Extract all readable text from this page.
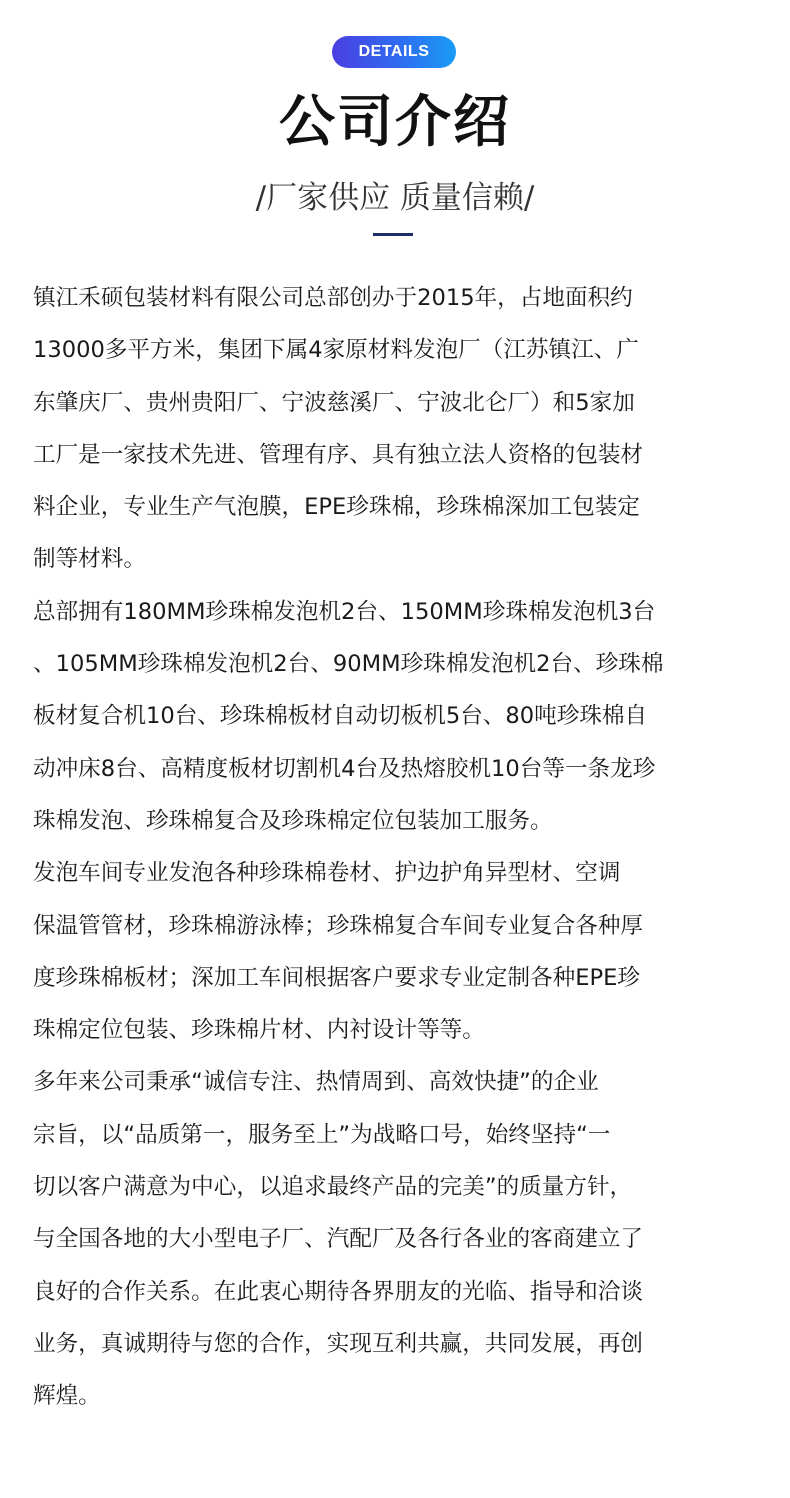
DETAILS
公司介绍
/厂家供应 质量信赖/
镇江禾硕包装材料有限公司总部创办于2015年，占地面积约
13000多平方米，集团下属4家原材料发泡厂（江苏镇江、广
东肇庆厂、贵州贵阳厂、宁波慈溪厂、宁波北仑厂）和5家加
工厂是一家技术先进、管理有序、具有独立法人资格的包装材
料企业，专业生产气泡膜，EPE珍珠棉，珍珠棉深加工包装定
制等材料。
总部拥有180MM珍珠棉发泡机2台、150MM珍珠棉发泡机3台
、105MM珍珠棉发泡机2台、90MM珍珠棉发泡机2台、珍珠棉
板材复合机10台、珍珠棉板材自动切板机5台、80吨珍珠棉自
动冲床8台、高精度板材切割机4台及热熔胶机10台等一条龙珍
珠棉发泡、珍珠棉复合及珍珠棉定位包装加工服务。
发泡车间专业发泡各种珍珠棉卷材、护边护角异型材、空调
保温管管材，珍珠棉游泳棒；珍珠棉复合车间专业复合各种厚
度珍珠棉板材；深加工车间根据客户要求专业定制各种EPE珍
珠棉定位包装、珍珠棉片材、内衬设计等等。
多年来公司秉承“诚信专注、热情周到、高效快捷”的企业
宗旨，以“品质第一，服务至上”为战略口号，始终坚持“一
切以客户满意为中心，以追求最终产品的完美”的质量方针，
与全国各地的大小型电子厂、汽配厂及各行各业的客商建立了
良好的合作关系。在此衷心期待各界朋友的光临、指导和洽谈
业务，真诚期待与您的合作，实现互利共赢，共同发展，再创
辉煌。
